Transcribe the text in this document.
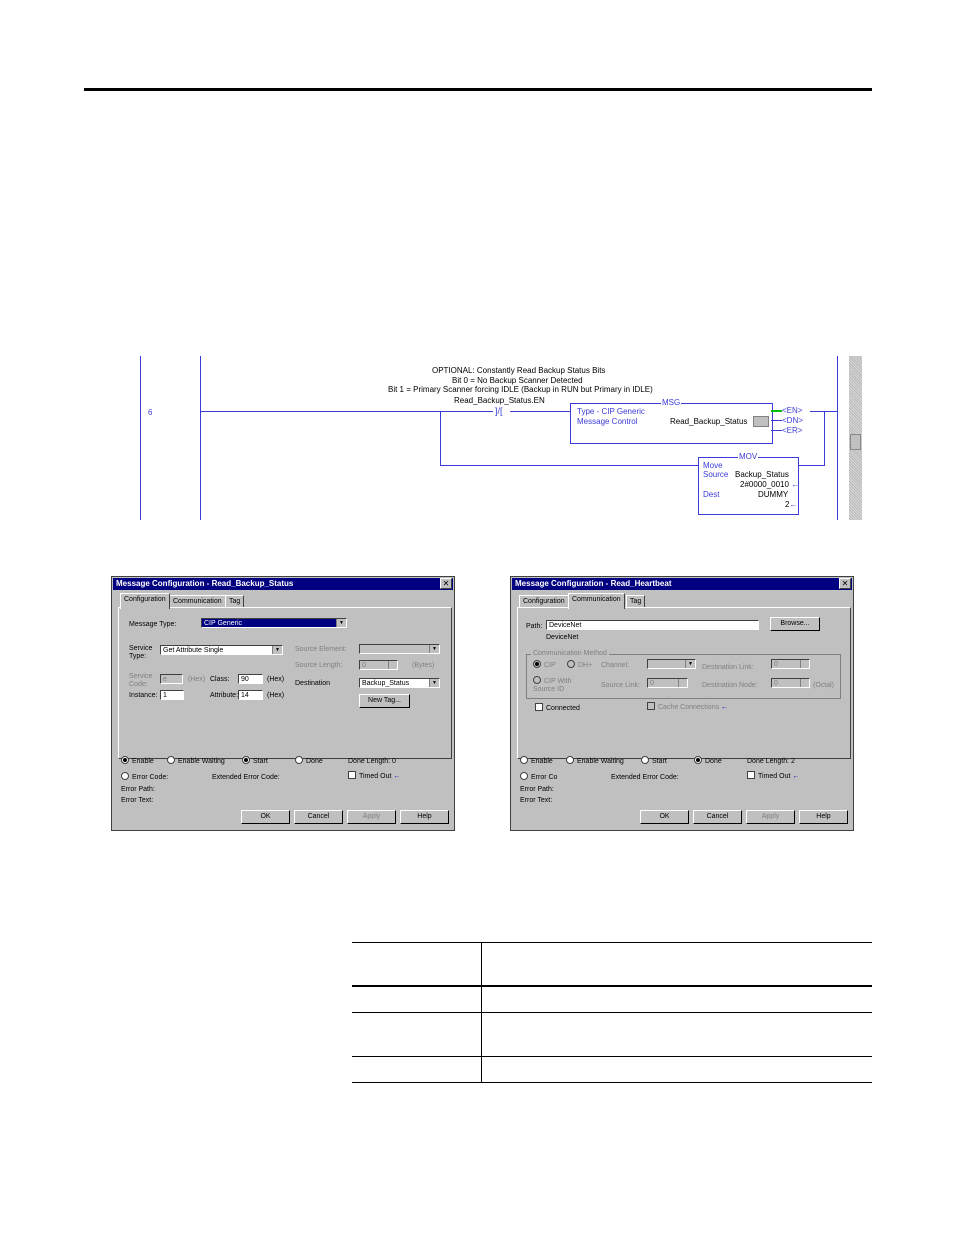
6
OPTIONAL: Constantly Read Backup Status Bits
Bit 0 = No Backup Scanner Detected
Bit 1 = Primary Scanner forcing IDLE (Backup in RUN but Primary in IDLE)
Read_Backup_Status.EN
]/[
MSG
Type - CIP Generic
Message Control	Read_Backup_Status
<EN>
<DN>
<ER>
MOV
Move
Source Backup_Status
2#0000_0010 ←
Dest	DUMMY
2←
Message Configuration - Read_Backup_Status	✕
Configuration	Communication	Tag
Message Type:	CIP Generic	▼
Service
Type:
Get Attribute Single	▼
Service
Code:
e	(Hex) Class:	90	(Hex)
Instance: 1	Attribute: 14	(Hex)
Source Element:	▼
Source Length:	0	(Bytes)
Destination	Backup_Status	▼
New Tag...
Enable	Enable Waiting	Start	Done	Done Length: 0
Error Code:	Extended Error Code:	Timed Out ←
Error Path:
Error Text:
OK	Cancel	Apply	Help
Message Configuration - Read_Heartbeat	✕
Configuration	Communication	Tag
Path: DeviceNet	Browse...
DeviceNet
Communication Method
CIP	DH+ Channel:	▼ Destination Link:	0
CIP With
Source ID
Source Link:	0	Destination Node:	0	(Octal)
Connected	Cache Connections ←
Enable	Enable Waiting	Start	Done	Done Length: 2
Error Co	Extended Error Code:	Timed Out ←
Error Path:
Error Text:
OK	Cancel	Apply	Help
